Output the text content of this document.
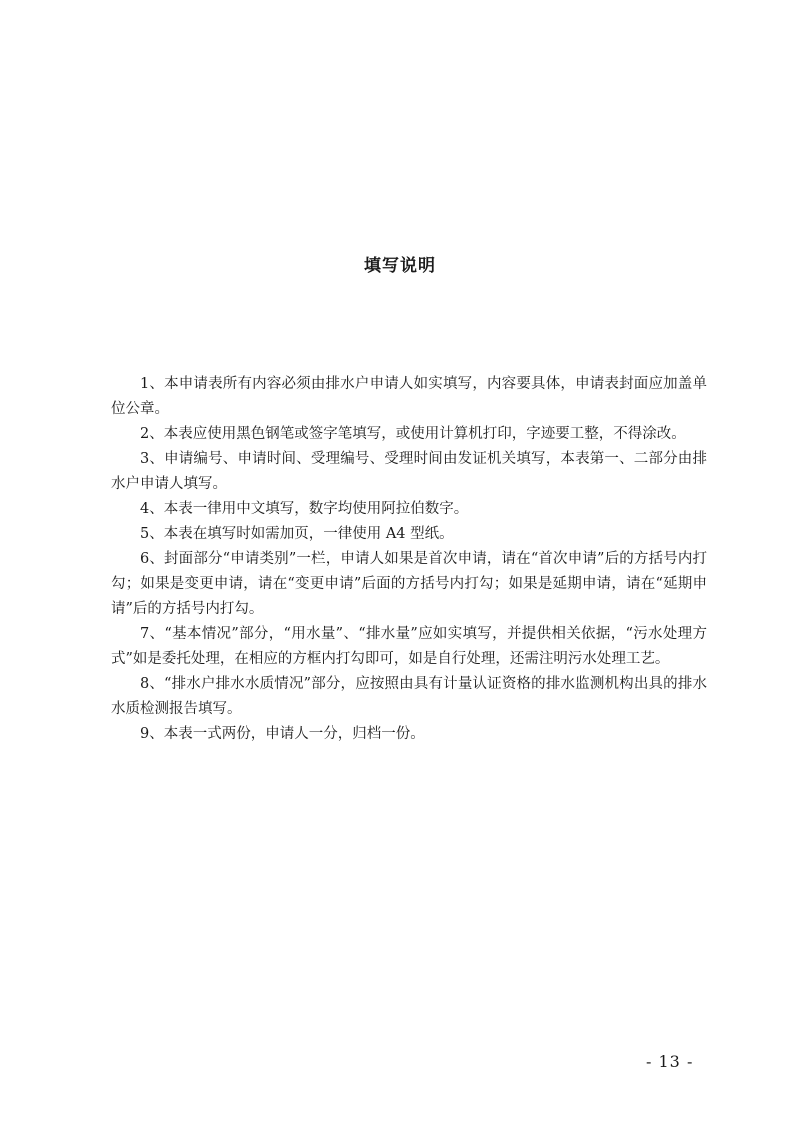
填写说明

1、本申请表所有内容必须由排水户申请人如实填写，内容要具体，申请表封面应加盖单位公章。

2、本表应使用黑色钢笔或签字笔填写，或使用计算机打印，字迹要工整，不得涂改。

3、申请编号、申请时间、受理编号、受理时间由发证机关填写，本表第一、二部分由排水户申请人填写。

4、本表一律用中文填写，数字均使用阿拉伯数字。

5、本表在填写时如需加页，一律使用 A4 型纸。

6、封面部分“申请类别”一栏，申请人如果是首次申请，请在“首次申请”后的方括号内打勾；如果是变更申请，请在“变更申请”后面的方括号内打勾；如果是延期申请，请在“延期申请”后的方括号内打勾。

7、“基本情况”部分，“用水量”、“排水量”应如实填写，并提供相关依据，“污水处理方式”如是委托处理，在相应的方框内打勾即可，如是自行处理，还需注明污水处理工艺。

8、“排水户排水水质情况”部分，应按照由具有计量认证资格的排水监测机构出具的排水水质检测报告填写。

9、本表一式两份，申请人一分，归档一份。

- 13 -
